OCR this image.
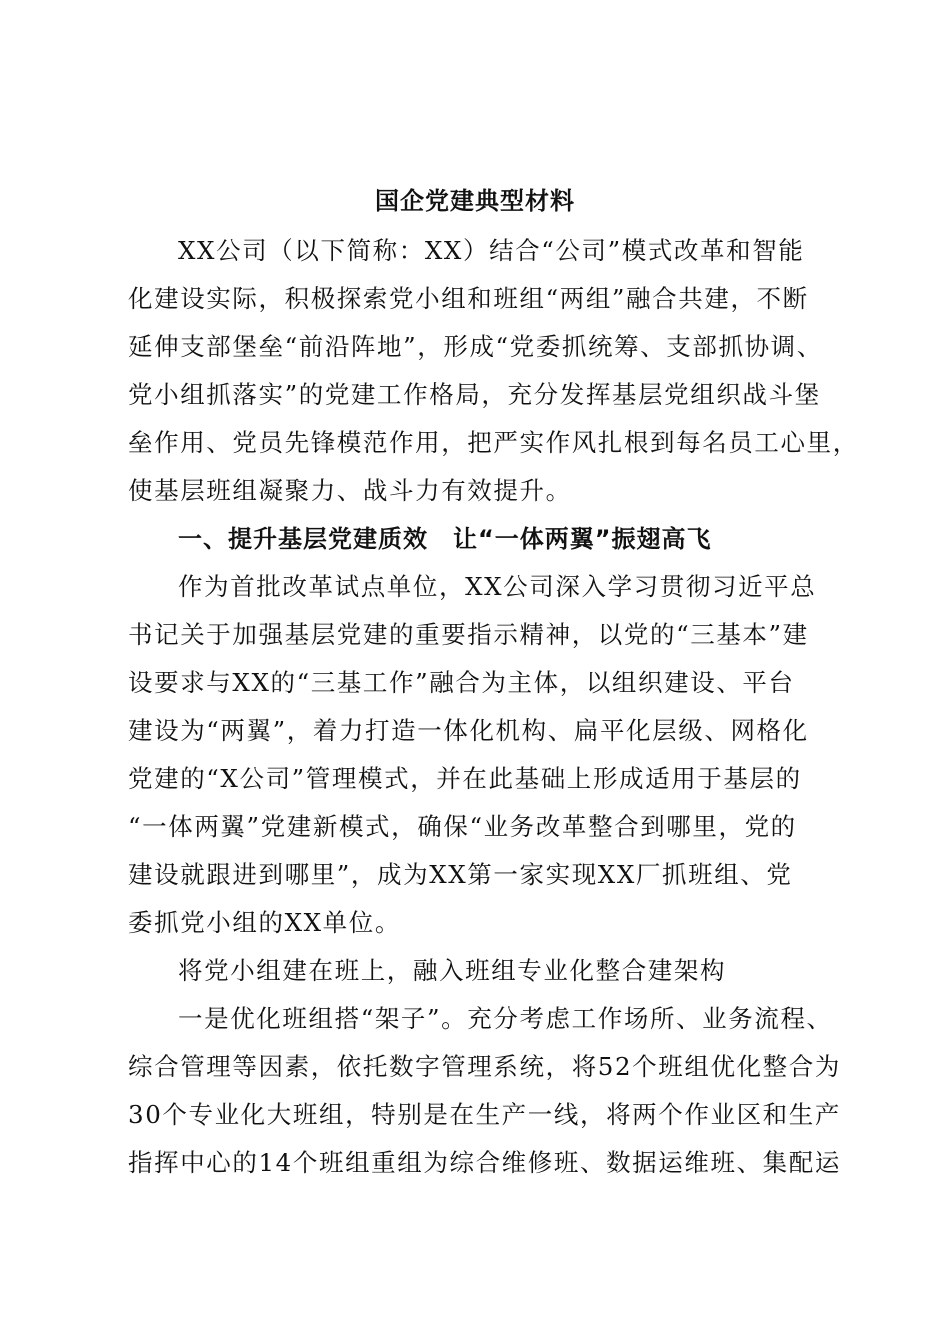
国企党建典型材料
XX公司（以下简称：XX）结合“公司”模式改革和智能
化建设实际，积极探索党小组和班组“两组”融合共建，不断
延伸支部堡垒“前沿阵地”，形成“党委抓统筹、支部抓协调、
党小组抓落实”的党建工作格局，充分发挥基层党组织战斗堡
垒作用、党员先锋模范作用，把严实作风扎根到每名员工心里，
使基层班组凝聚力、战斗力有效提升。
一、提升基层党建质效　让“一体两翼”振翅高飞
作为首批改革试点单位，XX公司深入学习贯彻习近平总
书记关于加强基层党建的重要指示精神，以党的“三基本”建
设要求与XX的“三基工作”融合为主体，以组织建设、平台
建设为“两翼”，着力打造一体化机构、扁平化层级、网格化
党建的“X公司”管理模式，并在此基础上形成适用于基层的
“一体两翼”党建新模式，确保“业务改革整合到哪里，党的
建设就跟进到哪里”，成为XX第一家实现XX厂抓班组、党
委抓党小组的XX单位。
将党小组建在班上，融入班组专业化整合建架构
一是优化班组搭“架子”。充分考虑工作场所、业务流程、
综合管理等因素，依托数字管理系统，将52个班组优化整合为
30个专业化大班组，特别是在生产一线，将两个作业区和生产
指挥中心的14个班组重组为综合维修班、数据运维班、集配运
